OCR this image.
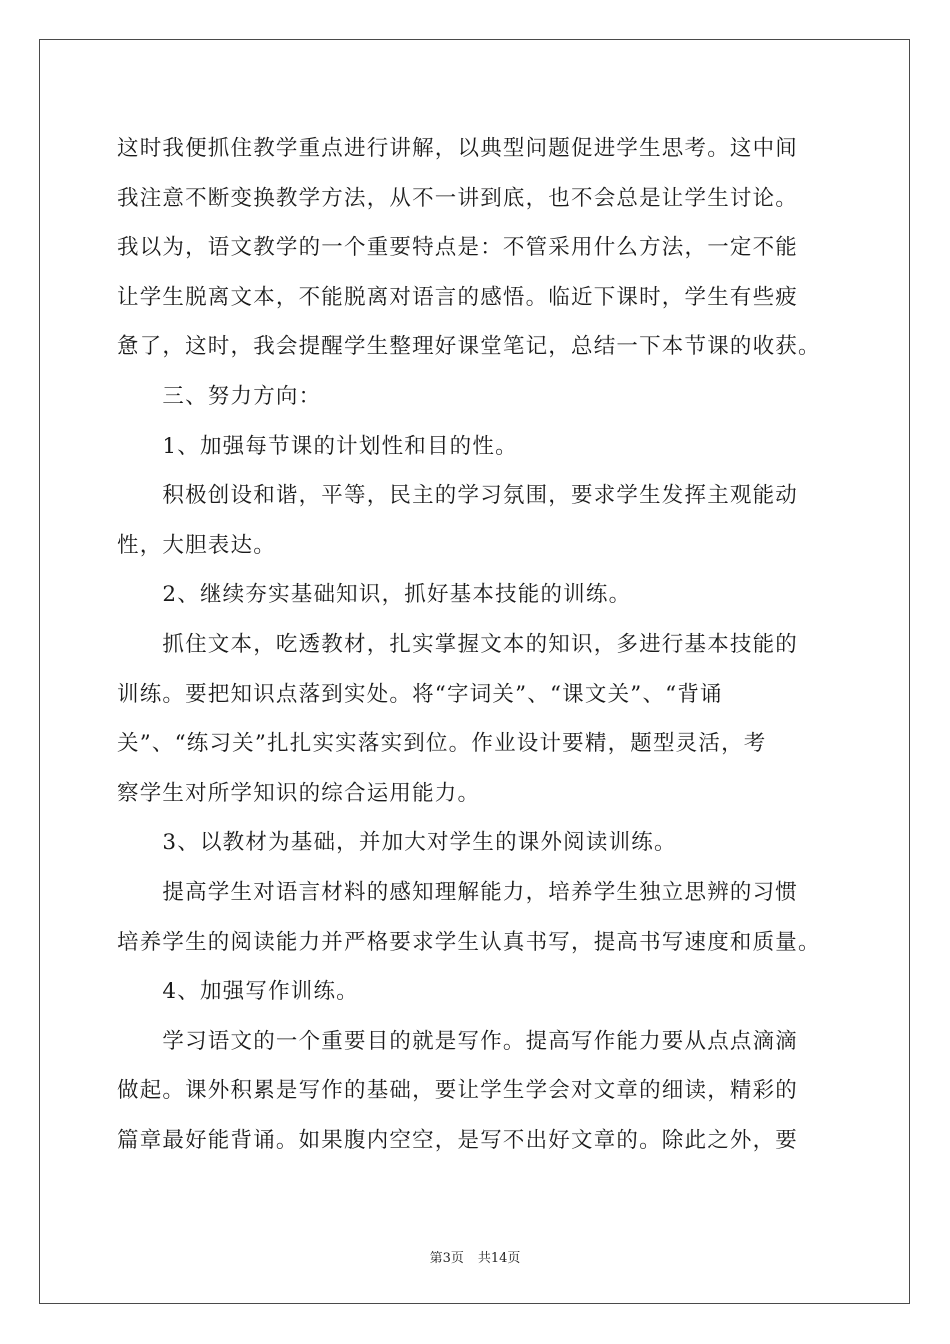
这时我便抓住教学重点进行讲解，以典型问题促进学生思考。这中间
我注意不断变换教学方法，从不一讲到底，也不会总是让学生讨论。
我以为，语文教学的一个重要特点是：不管采用什么方法，一定不能
让学生脱离文本，不能脱离对语言的感悟。临近下课时，学生有些疲
惫了，这时，我会提醒学生整理好课堂笔记，总结一下本节课的收获。
　　三、努力方向：
　　1、加强每节课的计划性和目的性。
　　积极创设和谐，平等，民主的学习氛围，要求学生发挥主观能动
性，大胆表达。
　　2、继续夯实基础知识，抓好基本技能的训练。
　　抓住文本，吃透教材，扎实掌握文本的知识，多进行基本技能的
训练。要把知识点落到实处。将“字词关”、“课文关”、“背诵
关”、“练习关”扎扎实实落实到位。作业设计要精，题型灵活，考
察学生对所学知识的综合运用能力。
　　3、以教材为基础，并加大对学生的课外阅读训练。
　　提高学生对语言材料的感知理解能力，培养学生独立思辨的习惯
培养学生的阅读能力并严格要求学生认真书写，提高书写速度和质量。
　　4、加强写作训练。
　　学习语文的一个重要目的就是写作。提高写作能力要从点点滴滴
做起。课外积累是写作的基础，要让学生学会对文章的细读，精彩的
篇章最好能背诵。如果腹内空空，是写不出好文章的。除此之外，要
第3页 共14页
